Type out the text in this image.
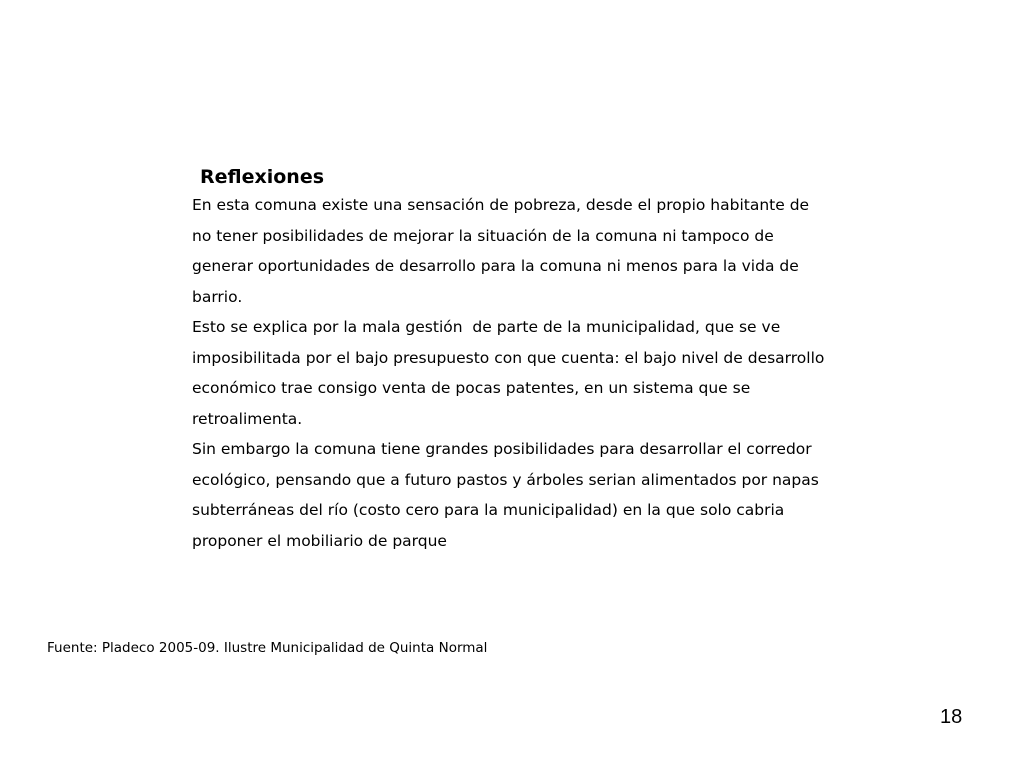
Reflexiones
En esta comuna existe una sensación de pobreza, desde el propio habitante de
no tener posibilidades de mejorar la situación de la comuna ni tampoco de
generar oportunidades de desarrollo para la comuna ni menos para la vida de
barrio.
Esto se explica por la mala gestión  de parte de la municipalidad, que se ve
imposibilitada por el bajo presupuesto con que cuenta: el bajo nivel de desarrollo
económico trae consigo venta de pocas patentes, en un sistema que se
retroalimenta.
Sin embargo la comuna tiene grandes posibilidades para desarrollar el corredor
ecológico, pensando que a futuro pastos y árboles serian alimentados por napas
subterráneas del río (costo cero para la municipalidad) en la que solo cabria
proponer el mobiliario de parque
Fuente: Pladeco 2005-09. Ilustre Municipalidad de Quinta Normal
18
